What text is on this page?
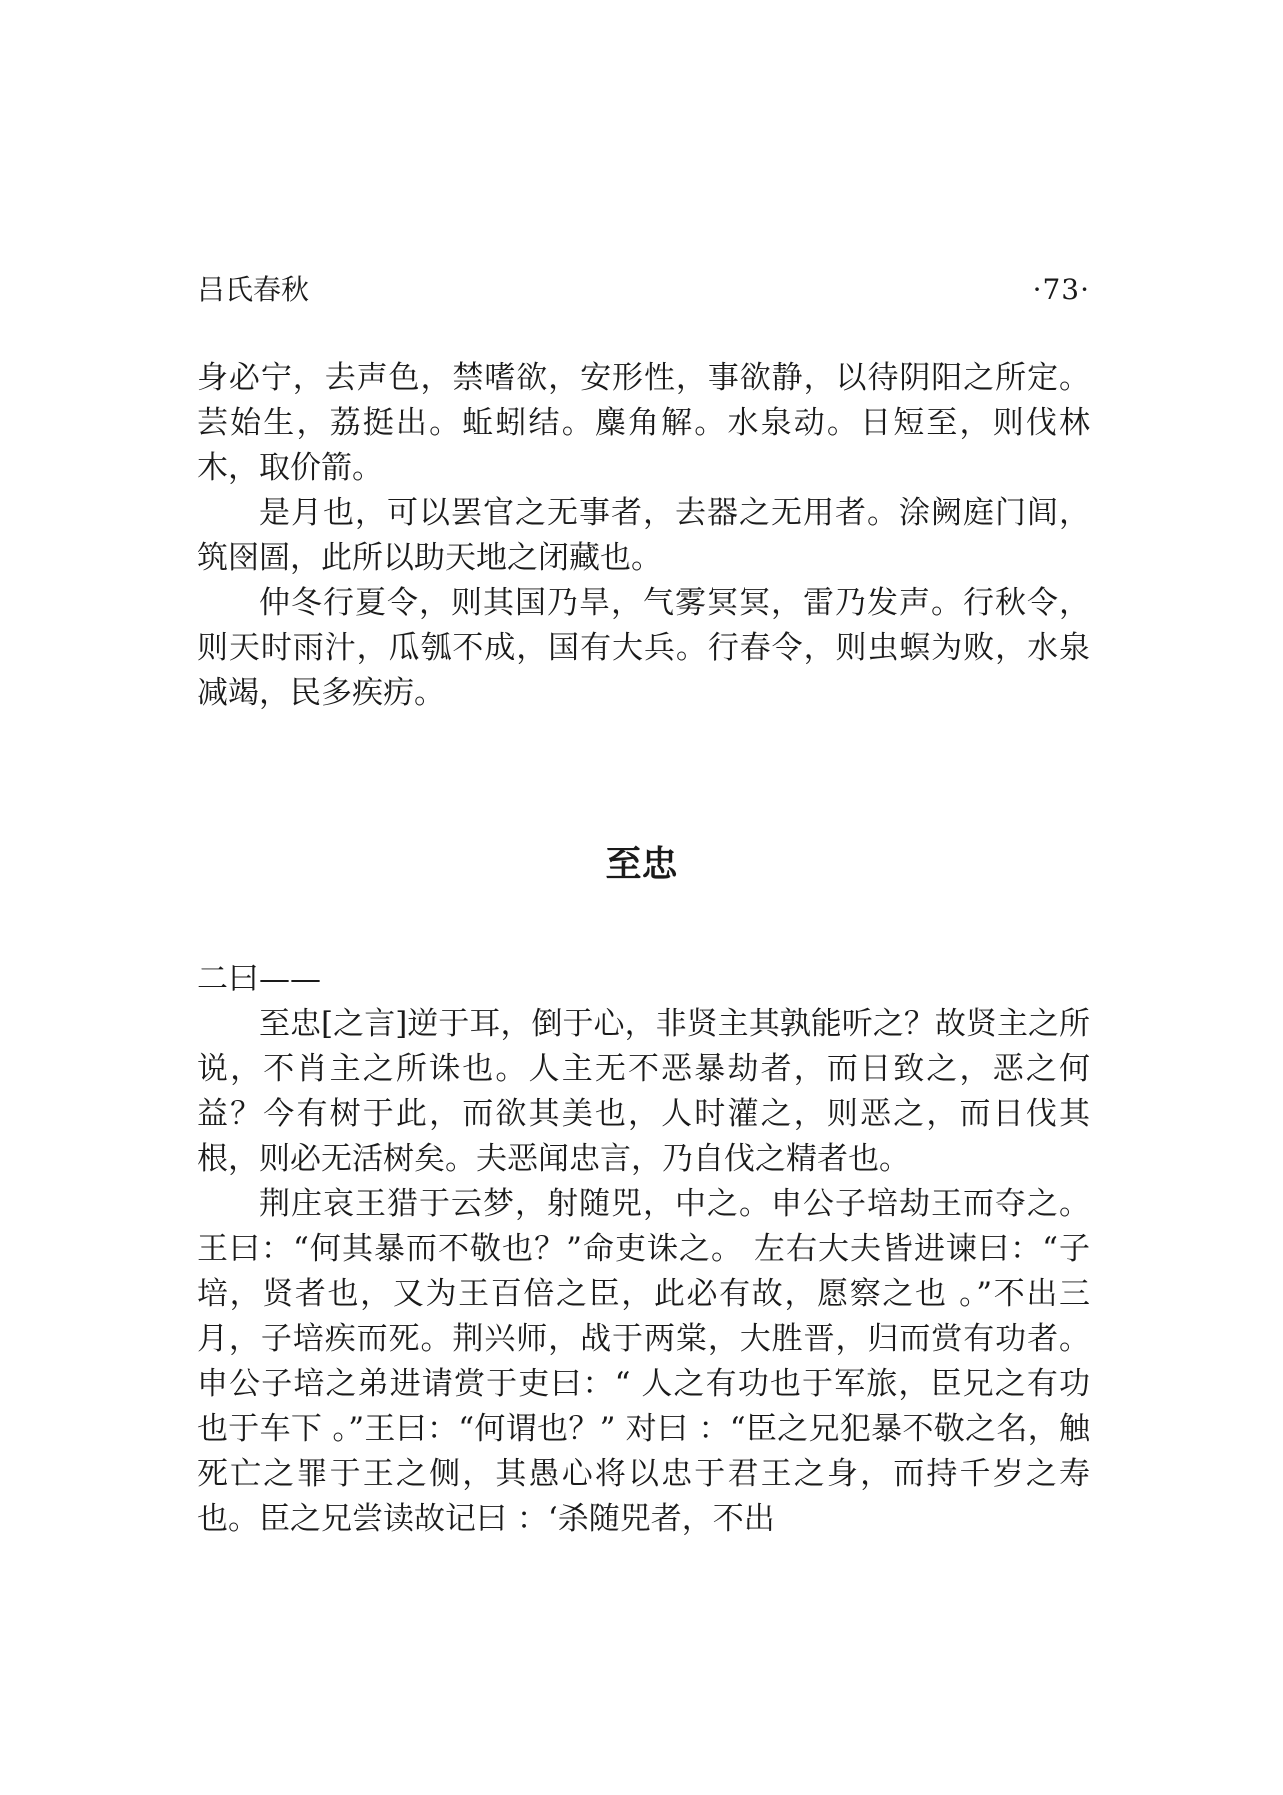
吕氏春秋	·73·

身必宁，去声色，禁嗜欲，安形性，事欲静，以待阴阳之所定。芸始生，荔挺出。蚯蚓结。麋角解。水泉动。日短至，则伐林木，取价箭。

是月也，可以罢官之无事者，去器之无用者。涂阙庭门闾，筑囹圄，此所以助天地之闭藏也。

仲冬行夏令，则其国乃旱，气雾冥冥，雷乃发声。行秋令，则天时雨汁，瓜瓠不成，国有大兵。行春令，则虫螟为败，水泉减竭，民多疾疠。

至忠

二曰——

至忠[之言]逆于耳，倒于心，非贤主其孰能听之？故贤主之所说，不肖主之所诛也。人主无不恶暴劫者，而日致之，恶之何益？今有树于此，而欲其美也，人时灌之，则恶之，而日伐其根，则必无活树矣。夫恶闻忠言，乃自伐之精者也。

荆庄哀王猎于云梦，射随兕，中之。申公子培劫王而夺之。王曰：“何其暴而不敬也？”命吏诛之。 左右大夫皆进谏曰：“子培，贤者也，又为王百倍之臣，此必有故，愿察之也 。”不出三月，子培疾而死。荆兴师，战于两棠，大胜晋，归而赏有功者。申公子培之弟进请赏于吏曰：“ 人之有功也于军旅，臣兄之有功也于车下 。”王曰：“何谓也？” 对曰 ：“臣之兄犯暴不敬之名，触死亡之罪于王之侧，其愚心将以忠于君王之身，而持千岁之寿也。臣之兄尝读故记曰 ：‘杀随兕者，不出
